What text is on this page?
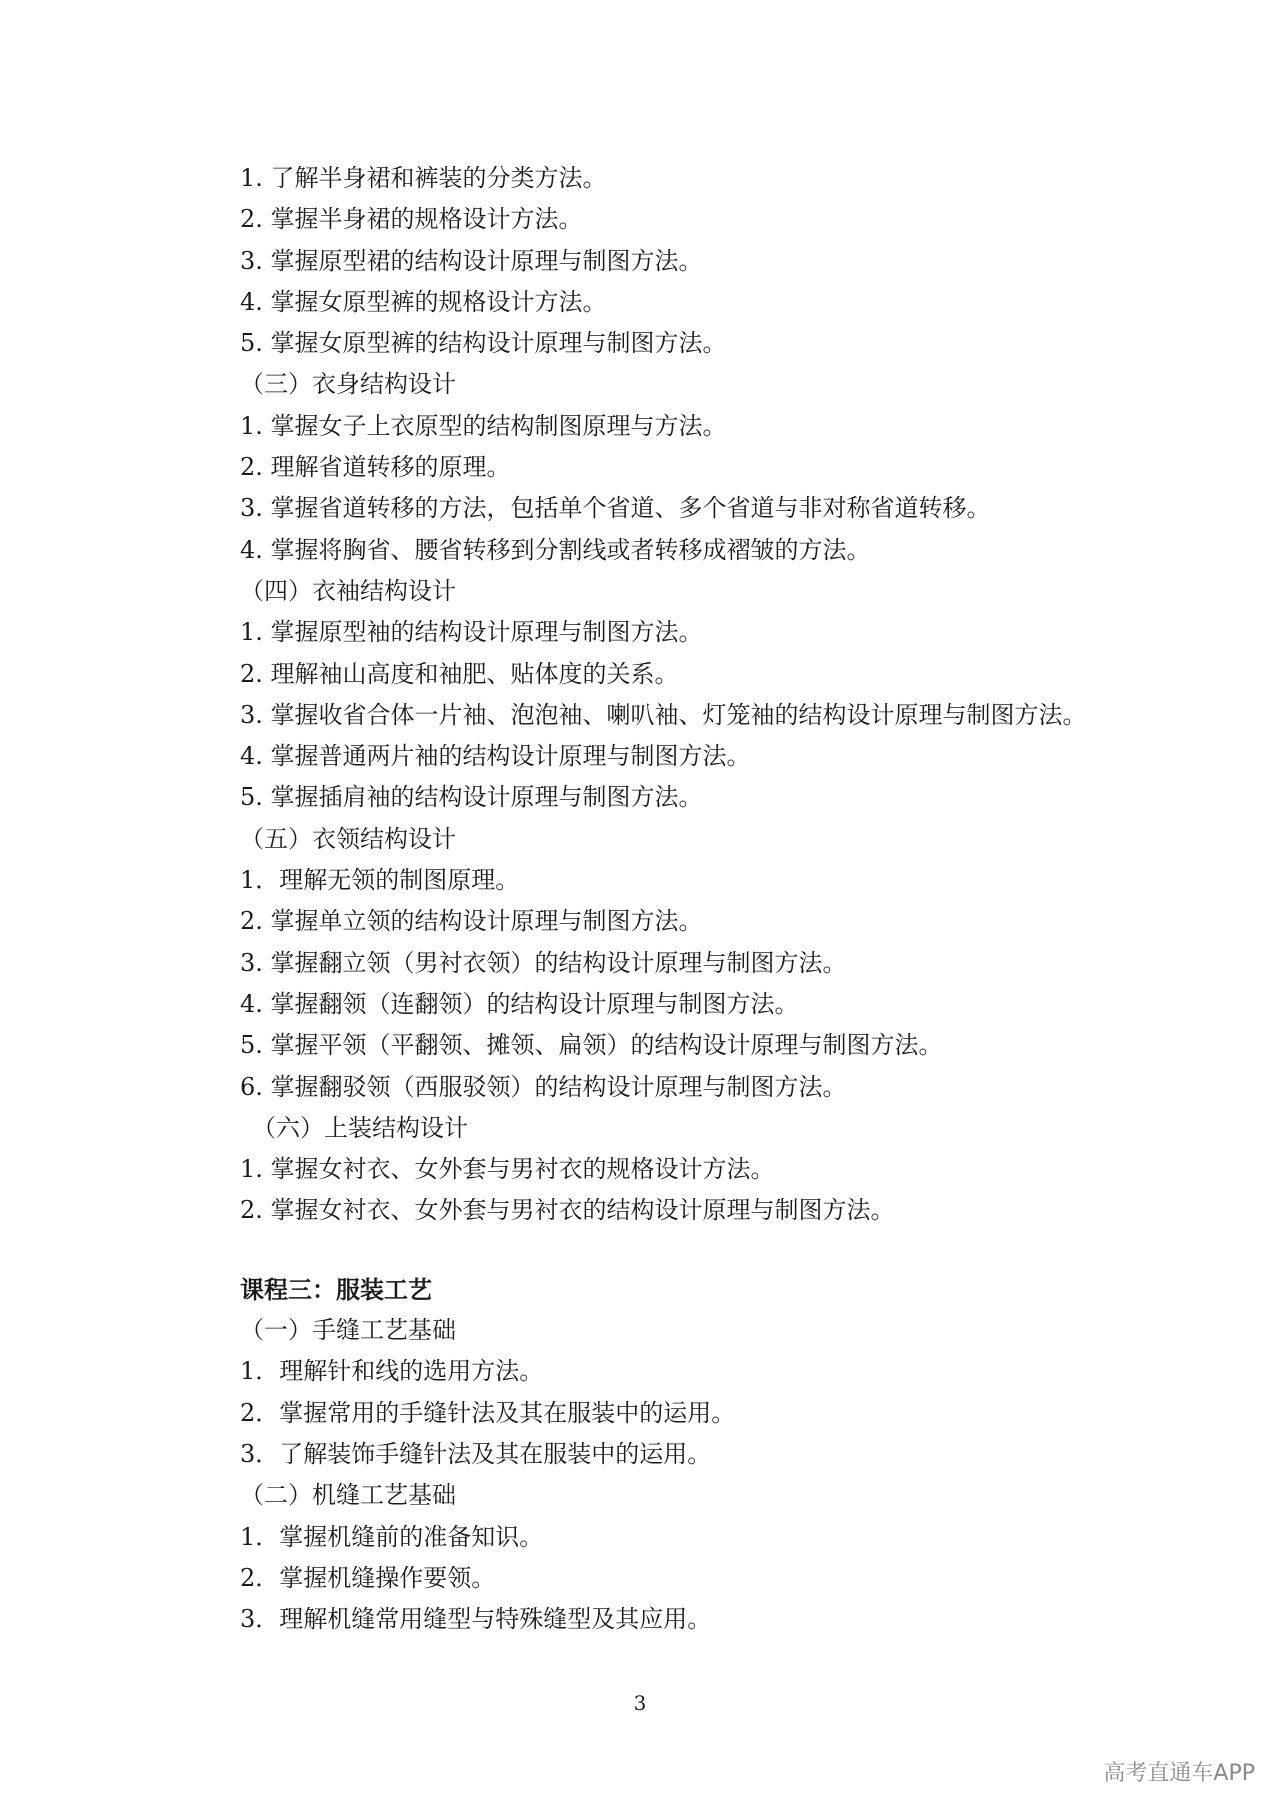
1. 了解半身裙和裤装的分类方法。
2. 掌握半身裙的规格设计方法。
3. 掌握原型裙的结构设计原理与制图方法。
4. 掌握女原型裤的规格设计方法。
5. 掌握女原型裤的结构设计原理与制图方法。
（三）衣身结构设计
1. 掌握女子上衣原型的结构制图原理与方法。
2. 理解省道转移的原理。
3. 掌握省道转移的方法，包括单个省道、多个省道与非对称省道转移。
4. 掌握将胸省、腰省转移到分割线或者转移成褶皱的方法。
（四）衣袖结构设计
1. 掌握原型袖的结构设计原理与制图方法。
2. 理解袖山高度和袖肥、贴体度的关系。
3. 掌握收省合体一片袖、泡泡袖、喇叭袖、灯笼袖的结构设计原理与制图方法。
4. 掌握普通两片袖的结构设计原理与制图方法。
5. 掌握插肩袖的结构设计原理与制图方法。
（五）衣领结构设计
1．理解无领的制图原理。
2. 掌握单立领的结构设计原理与制图方法。
3. 掌握翻立领（男衬衣领）的结构设计原理与制图方法。
4. 掌握翻领（连翻领）的结构设计原理与制图方法。
5. 掌握平领（平翻领、摊领、扁领）的结构设计原理与制图方法。
6. 掌握翻驳领（西服驳领）的结构设计原理与制图方法。
（六）上装结构设计
1. 掌握女衬衣、女外套与男衬衣的规格设计方法。
2. 掌握女衬衣、女外套与男衬衣的结构设计原理与制图方法。
课程三：服装工艺
（一）手缝工艺基础
1．理解针和线的选用方法。
2．掌握常用的手缝针法及其在服装中的运用。
3．了解装饰手缝针法及其在服装中的运用。
（二）机缝工艺基础
1．掌握机缝前的准备知识。
2．掌握机缝操作要领。
3．理解机缝常用缝型与特殊缝型及其应用。
3
高考直通车APP
